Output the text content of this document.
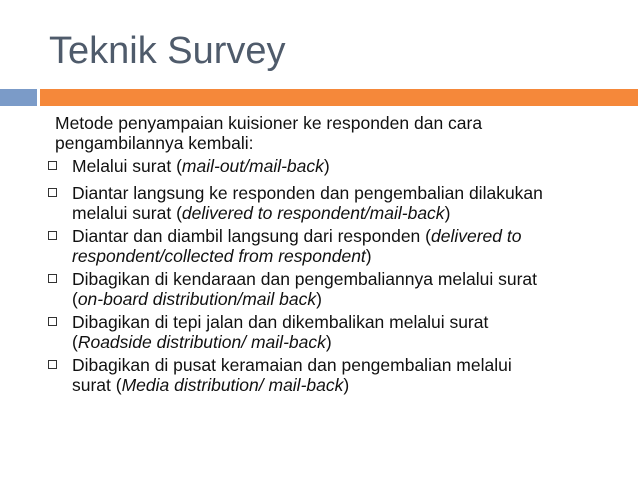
Teknik Survey
Metode penyampaian kuisioner ke responden dan cara
pengambilannya kembali:
Melalui surat (mail-out/mail-back)
Diantar langsung ke responden dan pengembalian dilakukan
melalui surat (delivered to respondent/mail-back)
Diantar dan diambil langsung dari responden (delivered to
respondent/collected from respondent)
Dibagikan di kendaraan dan pengembaliannya melalui surat
(on-board distribution/mail back)
Dibagikan di tepi jalan dan dikembalikan melalui surat
(Roadside distribution/ mail-back)
Dibagikan di pusat keramaian dan pengembalian melalui
surat (Media distribution/ mail-back)
